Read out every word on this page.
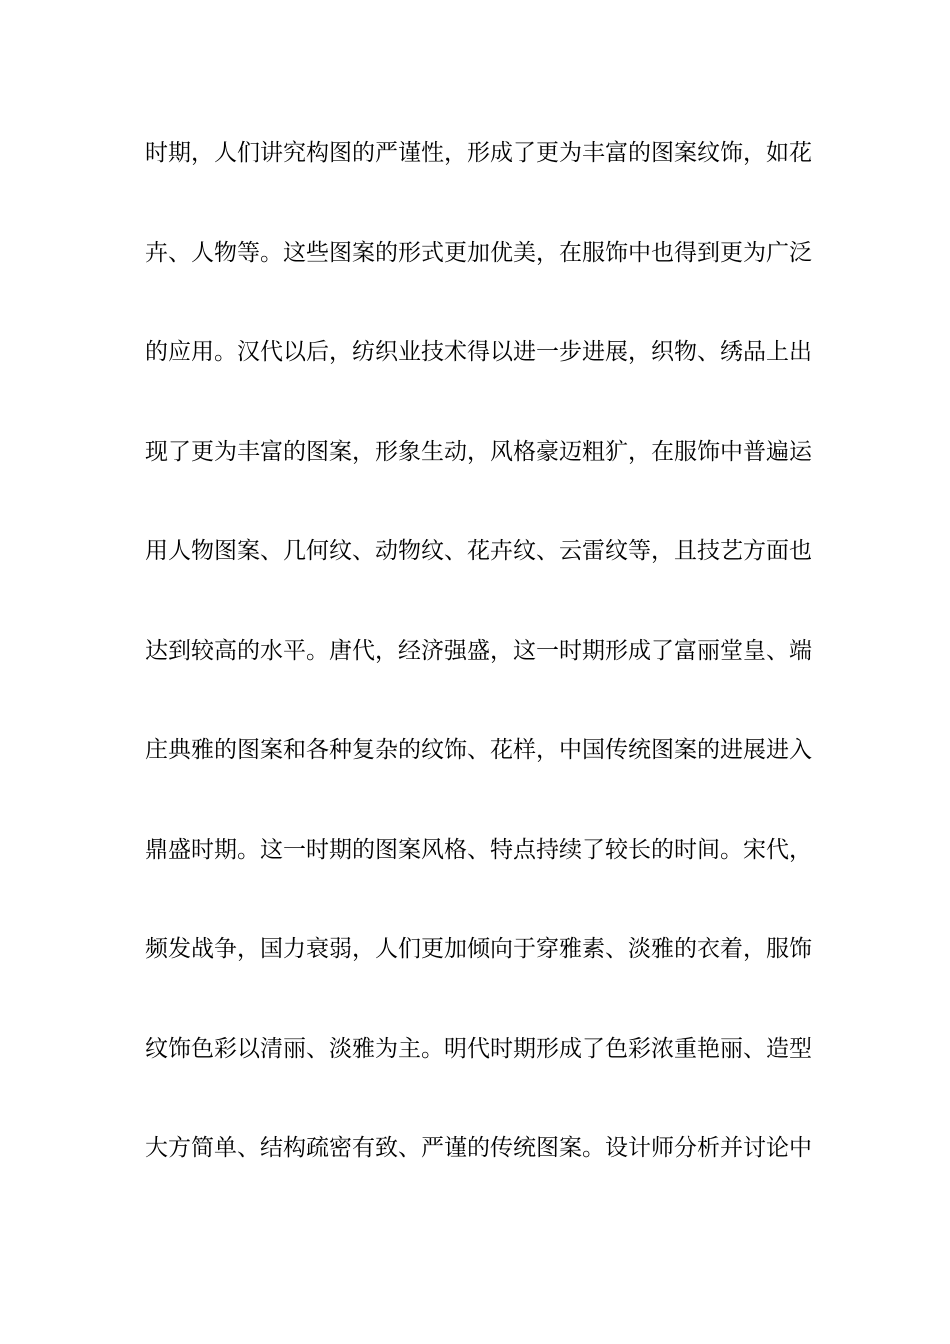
时期，人们讲究构图的严谨性，形成了更为丰富的图案纹饰，如花
卉、人物等。这些图案的形式更加优美，在服饰中也得到更为广泛
的应用。汉代以后，纺织业技术得以进一步进展，织物、绣品上出
现了更为丰富的图案，形象生动，风格豪迈粗犷，在服饰中普遍运
用人物图案、几何纹、动物纹、花卉纹、云雷纹等，且技艺方面也
达到较高的水平。唐代，经济强盛，这一时期形成了富丽堂皇、端
庄典雅的图案和各种复杂的纹饰、花样，中国传统图案的进展进入
鼎盛时期。这一时期的图案风格、特点持续了较长的时间。宋代，
频发战争，国力衰弱，人们更加倾向于穿雅素、淡雅的衣着，服饰
纹饰色彩以清丽、淡雅为主。明代时期形成了色彩浓重艳丽、造型
大方简单、结构疏密有致、严谨的传统图案。设计师分析并讨论中
